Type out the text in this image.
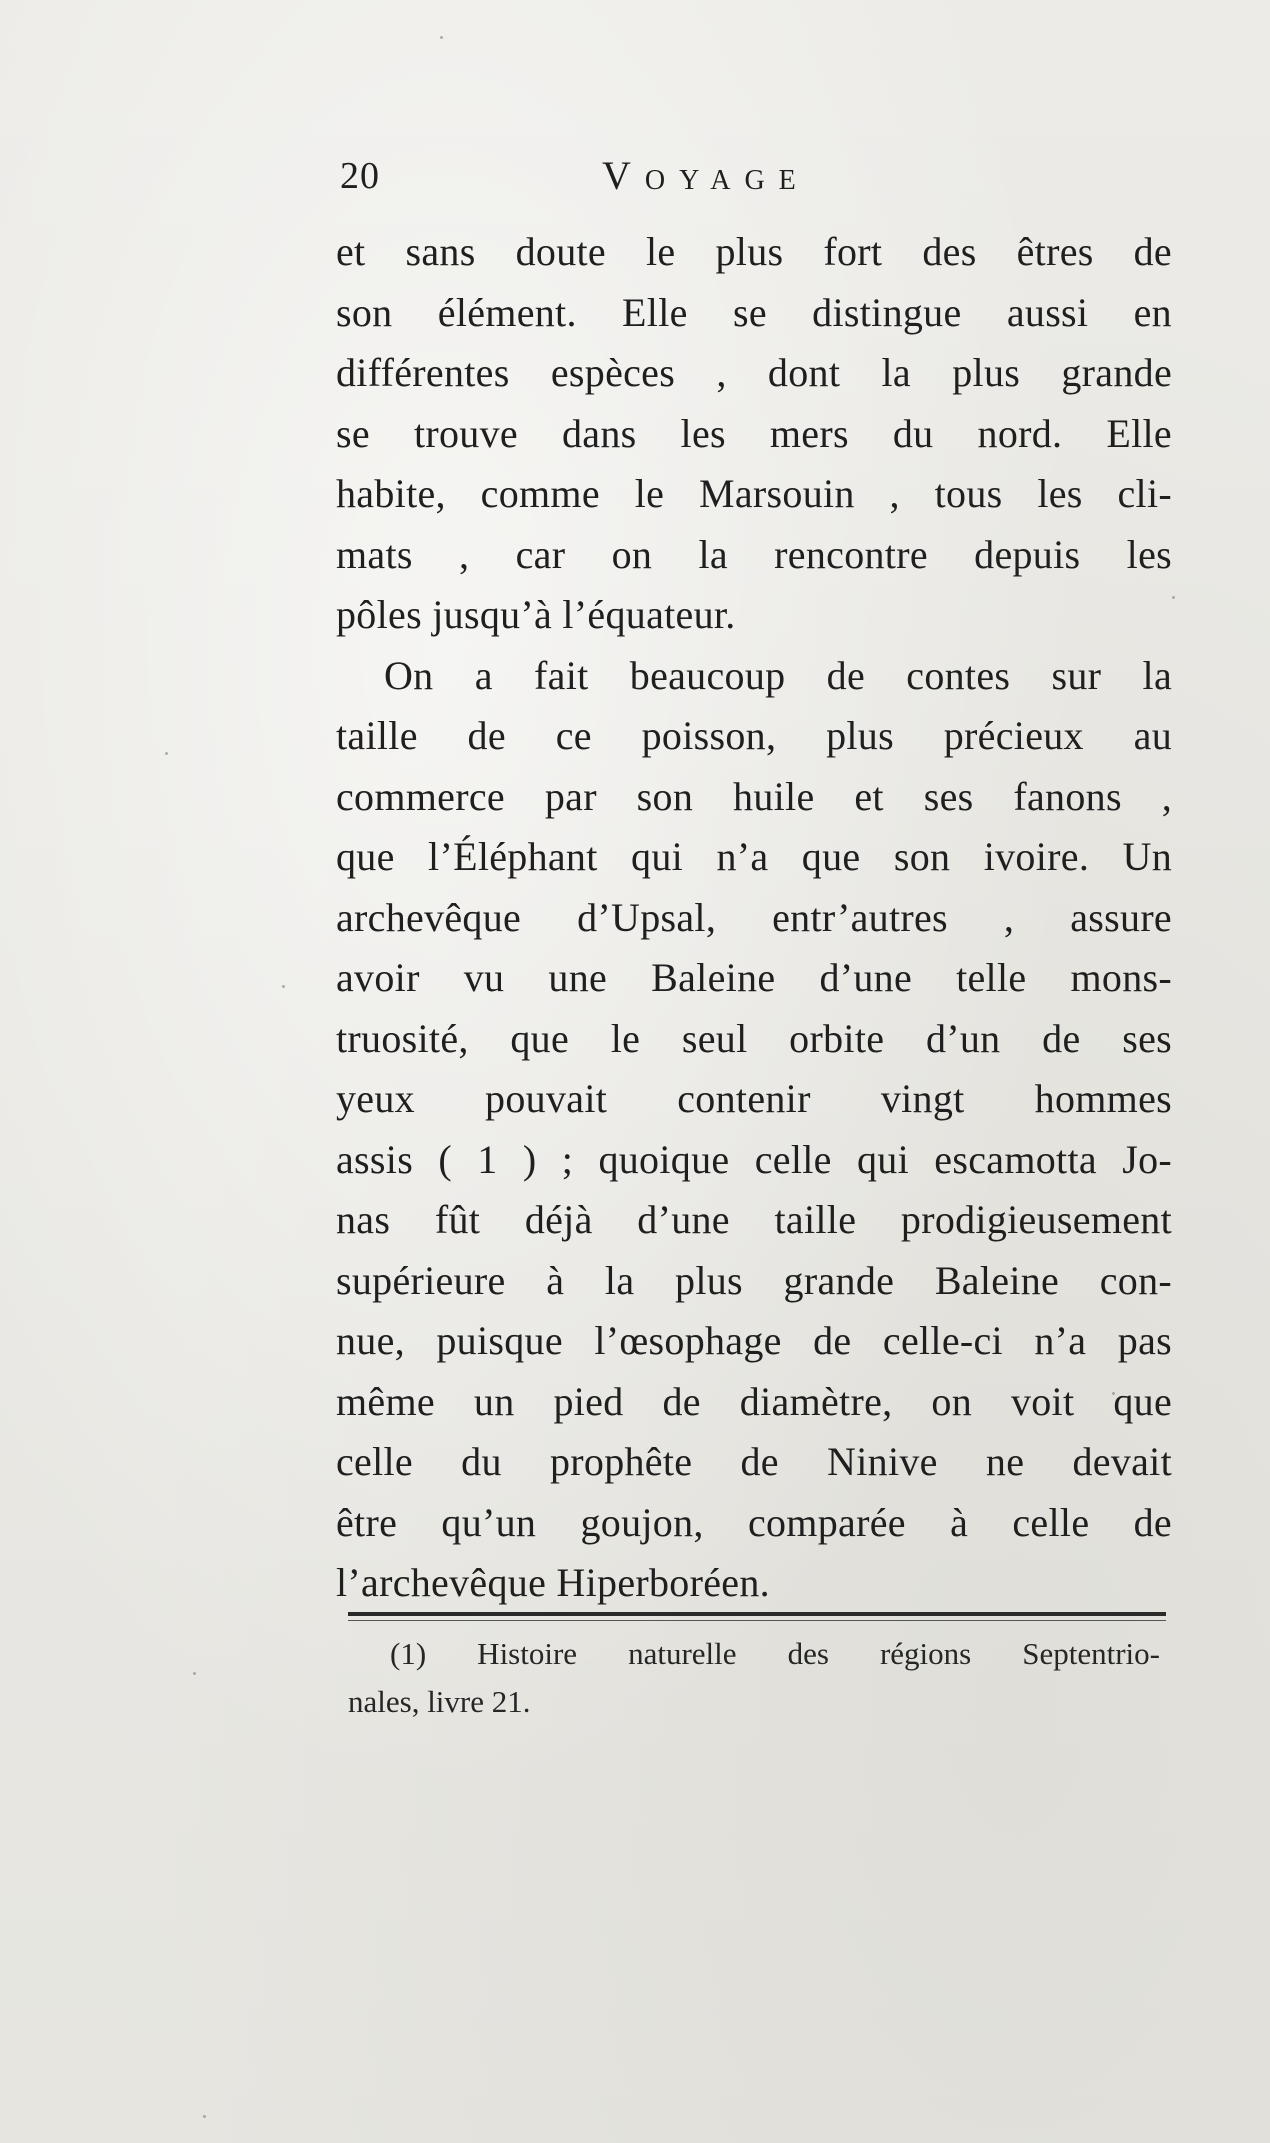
20	Voyage
et sans doute le plus fort des êtres de
son élément. Elle se distingue aussi en
différentes espèces , dont la plus grande
se trouve dans les mers du nord. Elle
habite, comme le Marsouin , tous les cli-
mats , car on la rencontre depuis les
pôles jusqu’à l’équateur.
On a fait beaucoup de contes sur la
taille de ce poisson, plus précieux au
commerce par son huile et ses fanons ,
que l’Éléphant qui n’a que son ivoire. Un
archevêque d’Upsal, entr’autres , assure
avoir vu une Baleine d’une telle mons-
truosité, que le seul orbite d’un de ses
yeux pouvait contenir vingt hommes
assis ( 1 ) ; quoique celle qui escamotta Jo-
nas fût déjà d’une taille prodigieusement
supérieure à la plus grande Baleine con-
nue, puisque l’œsophage de celle-ci n’a pas
même un pied de diamètre, on voit que
celle du prophête de Ninive ne devait
être qu’un goujon, comparée à celle de
l’archevêque Hiperboréen.
(1) Histoire naturelle des régions Septentrio-
nales, livre 21.
